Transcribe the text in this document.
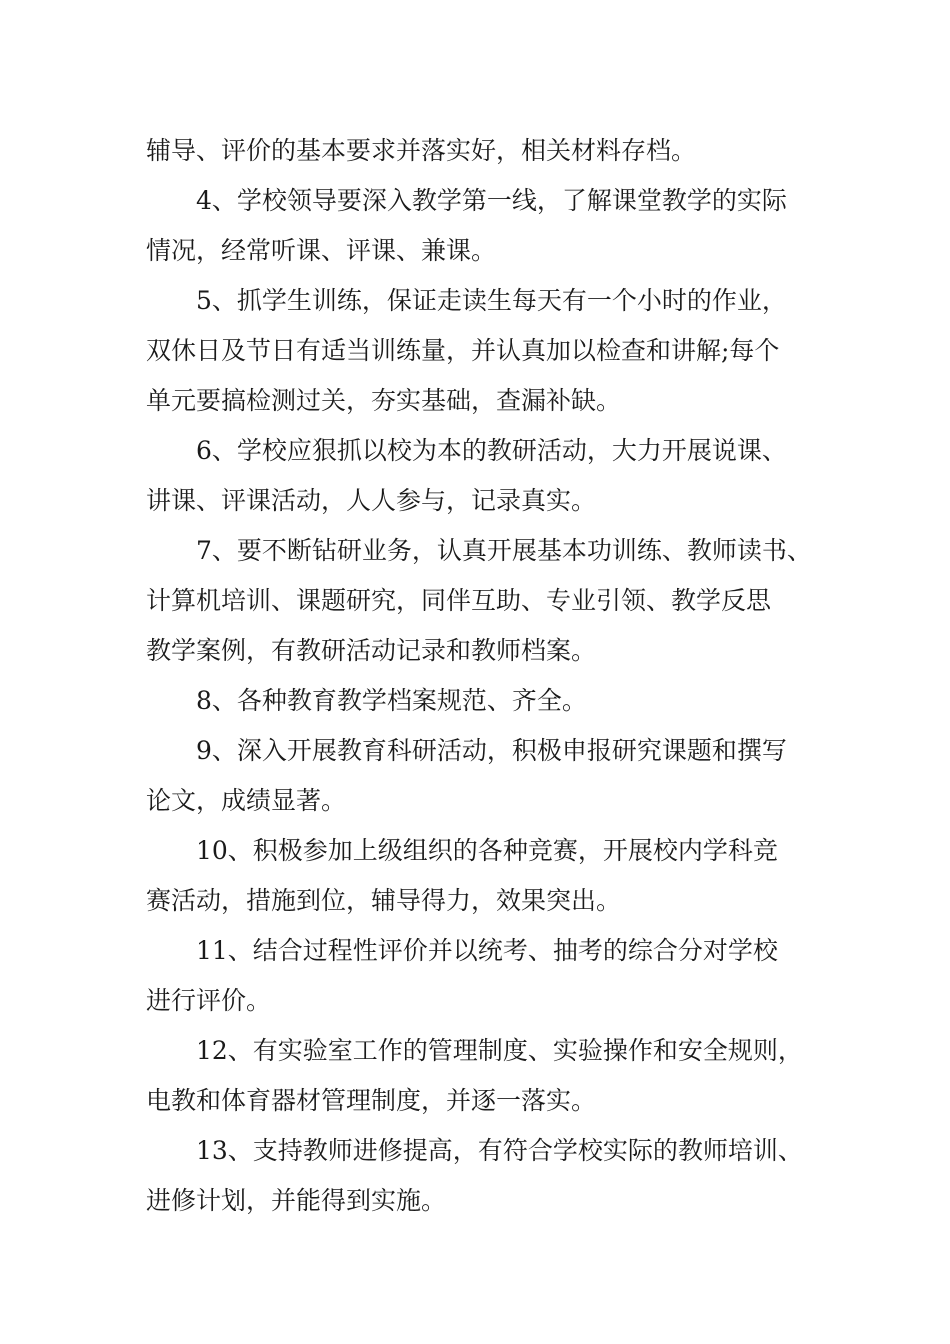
辅导、评价的基本要求并落实好，相关材料存档。
4、学校领导要深入教学第一线，了解课堂教学的实际
情况，经常听课、评课、兼课。
5、抓学生训练，保证走读生每天有一个小时的作业，
双休日及节日有适当训练量，并认真加以检查和讲解;每个
单元要搞检测过关，夯实基础，查漏补缺。
6、学校应狠抓以校为本的教研活动，大力开展说课、
讲课、评课活动，人人参与，记录真实。
7、要不断钻研业务，认真开展基本功训练、教师读书、
计算机培训、课题研究，同伴互助、专业引领、教学反思
教学案例，有教研活动记录和教师档案。
8、各种教育教学档案规范、齐全。
9、深入开展教育科研活动，积极申报研究课题和撰写
论文，成绩显著。
10、积极参加上级组织的各种竞赛，开展校内学科竞
赛活动，措施到位，辅导得力，效果突出。
11、结合过程性评价并以统考、抽考的综合分对学校
进行评价。
12、有实验室工作的管理制度、实验操作和安全规则，
电教和体育器材管理制度，并逐一落实。
13、支持教师进修提高，有符合学校实际的教师培训、
进修计划，并能得到实施。
